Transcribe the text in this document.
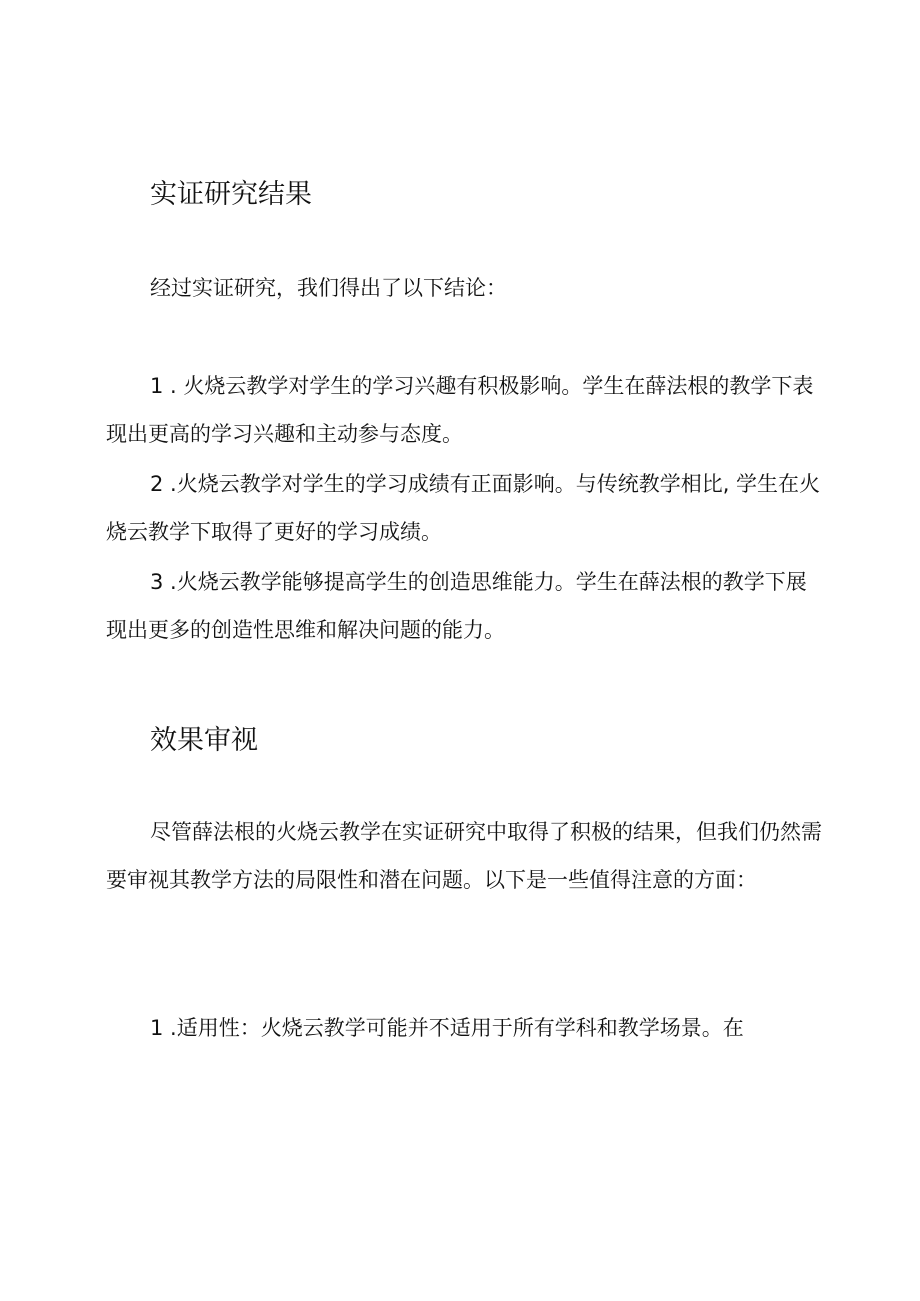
实证研究结果
经过实证研究，我们得出了以下结论：
1 . 火烧云教学对学生的学习兴趣有积极影响。学生在薛法根的教学下表现出更高的学习兴趣和主动参与态度。
2 .火烧云教学对学生的学习成绩有正面影响。与传统教学相比, 学生在火烧云教学下取得了更好的学习成绩。
3 .火烧云教学能够提高学生的创造思维能力。学生在薛法根的教学下展现出更多的创造性思维和解决问题的能力。
效果审视
尽管薛法根的火烧云教学在实证研究中取得了积极的结果，但我们仍然需要审视其教学方法的局限性和潜在问题。以下是一些值得注意的方面：
1 .适用性：火烧云教学可能并不适用于所有学科和教学场景。在
